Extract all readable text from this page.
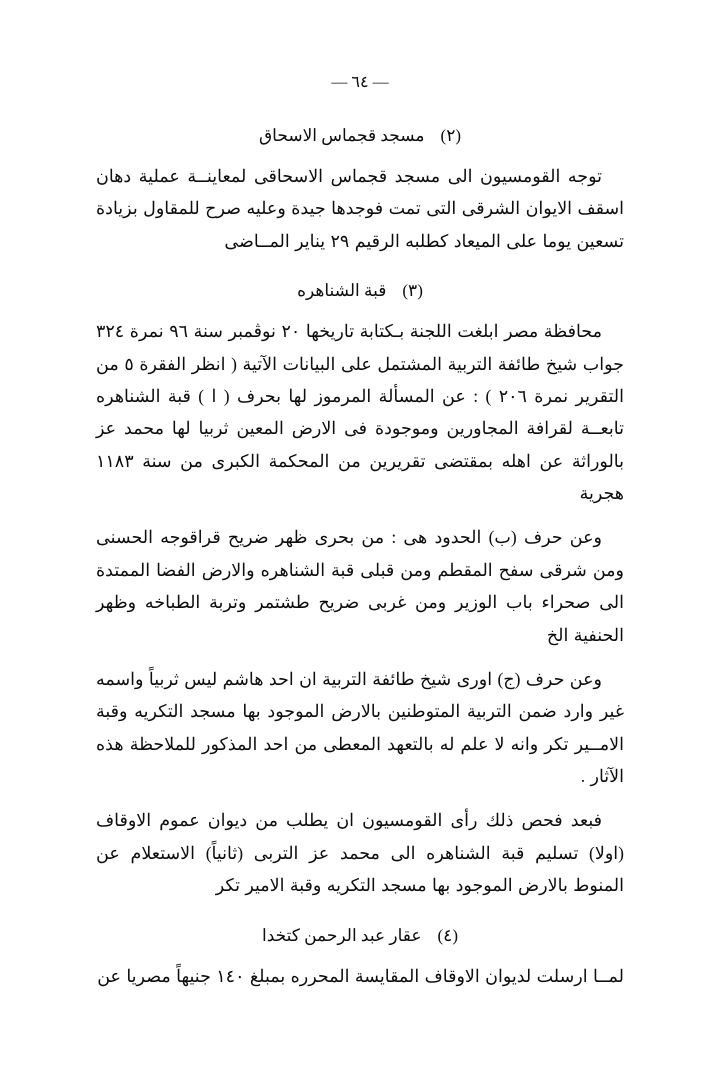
— ٦٤ —
(٢)مسجد قجماس الاسحاق

توجه القومسيون الى مسجد قجماس الاسحاقى لمعاينــة عملية دهان اسقف الايوان الشرقى التى تمت فوجدها جيدة وعليه صرح للمقاول بزيادة تسعين يوما على الميعاد كطلبه الرقيم ٢٩ يناير المــاضى

(٣)قبة الشناهره

محافظة مصر ابلغت اللجنة بـكتابة تاريخها ٢٠ نوڤمبر سنة ٩٦ نمرة ٣٢٤ جواب شيخ طائفة التربية المشتمل على البيانات الآتية ( انظر الفقرة ٥ من التقرير نمرة ٢٠٦ ) : عن المسألة المرموز لها بحرف ( ا ) قبة الشناهره تابعــة لقرافة المجاورين وموجودة فى الارض المعين ثربيا لها محمد عز بالوراثة عن اهله بمقتضى تقريرين من المحكمة الكبرى من سنة ١١٨٣ هجرية

وعن حرف (ب) الحدود هى : من بحرى ظهر ضريح قراقوجه الحسنى ومن شرقى سفح المقطم ومن قبلى قبة الشناهره والارض الفضا الممتدة الى صحراء باب الوزير ومن غربى ضريح طشتمر وتربة الطباخه وظهر الحنفية الخ

وعن حرف (ج) اورى شيخ طائفة التربية ان احد هاشم ليس ثربياً واسمه غير وارد ضمن التربية المتوطنين بالارض الموجود بها مسجد التكريه وقبة الامــير تكر وانه لا علم له بالتعهد المعطى من احد المذكور للملاحظة هذه الآثار .

فبعد فحص ذلك رأى القومسيون ان يطلب من ديوان عموم الاوقاف (اولا) تسليم قبة الشناهره الى محمد عز التربى (ثانياً) الاستعلام عن المنوط بالارض الموجود بها مسجد التكريه وقبة الامير تكر

(٤)عقار عبد الرحمن كتخدا

لمــا ارسلت لديوان الاوقاف المقايسة المحرره بمبلغ ١٤٠ جنيهاً مصريا عن
